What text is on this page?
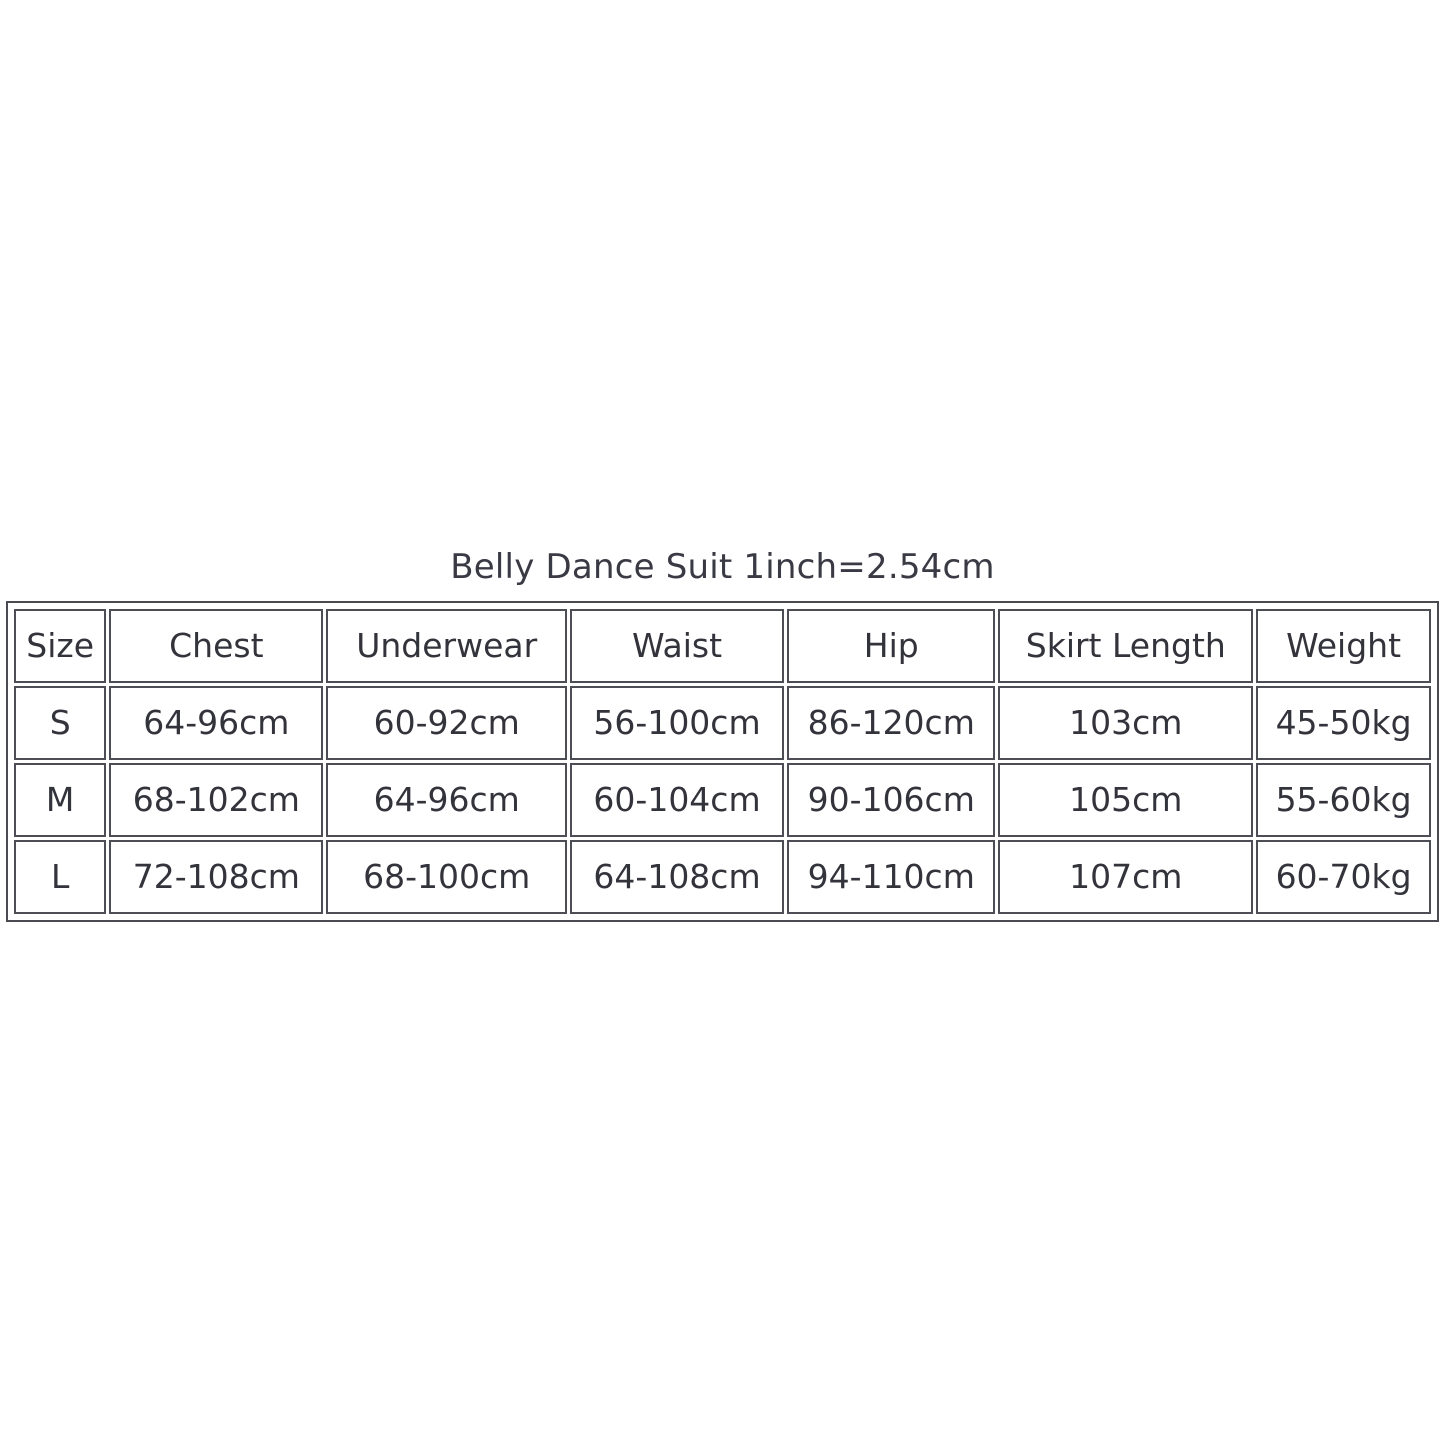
Belly Dance Suit 1inch=2.54cm
Size	Chest	Underwear	Waist	Hip	Skirt Length	Weight
S	64-96cm	60-92cm	56-100cm	86-120cm	103cm	45-50kg
M	68-102cm	64-96cm	60-104cm	90-106cm	105cm	55-60kg
L	72-108cm	68-100cm	64-108cm	94-110cm	107cm	60-70kg
